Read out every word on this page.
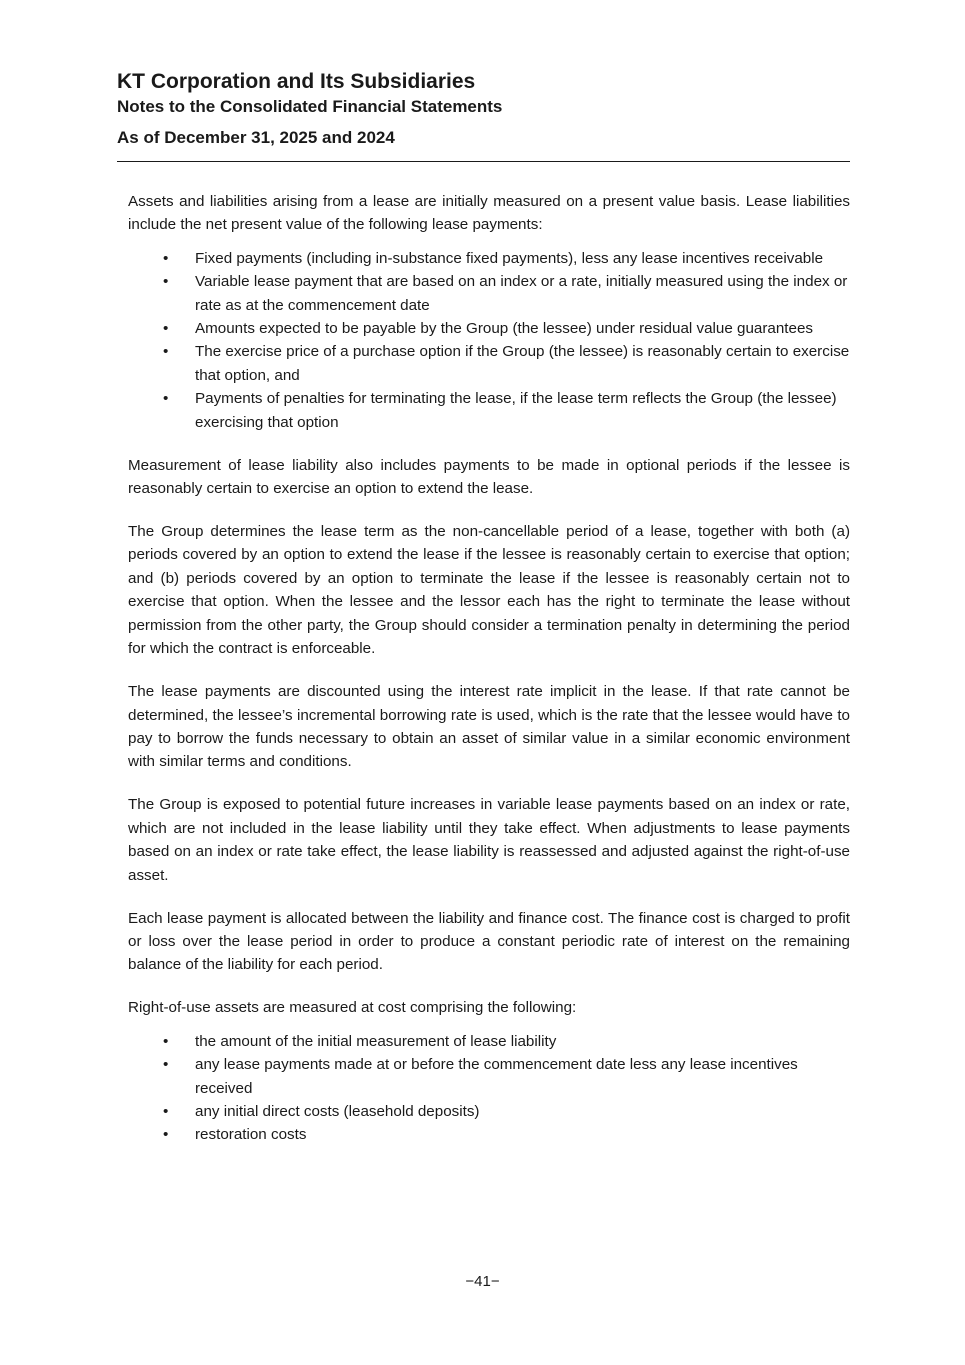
KT Corporation and Its Subsidiaries

Notes to the Consolidated Financial Statements

As of December 31, 2025 and 2024

Assets and liabilities arising from a lease are initially measured on a present value basis. Lease liabilities include the net present value of the following lease payments:

• Fixed payments (including in-substance fixed payments), less any lease incentives receivable
• Variable lease payment that are based on an index or a rate, initially measured using the index or rate as at the commencement date
• Amounts expected to be payable by the Group (the lessee) under residual value guarantees
• The exercise price of a purchase option if the Group (the lessee) is reasonably certain to exercise that option, and
• Payments of penalties for terminating the lease, if the lease term reflects the Group (the lessee) exercising that option

Measurement of lease liability also includes payments to be made in optional periods if the lessee is reasonably certain to exercise an option to extend the lease.

The Group determines the lease term as the non-cancellable period of a lease, together with both (a) periods covered by an option to extend the lease if the lessee is reasonably certain to exercise that option; and (b) periods covered by an option to terminate the lease if the lessee is reasonably certain not to exercise that option. When the lessee and the lessor each has the right to terminate the lease without permission from the other party, the Group should consider a termination penalty in determining the period for which the contract is enforceable.

The lease payments are discounted using the interest rate implicit in the lease. If that rate cannot be determined, the lessee’s incremental borrowing rate is used, which is the rate that the lessee would have to pay to borrow the funds necessary to obtain an asset of similar value in a similar economic environment with similar terms and conditions.

The Group is exposed to potential future increases in variable lease payments based on an index or rate, which are not included in the lease liability until they take effect. When adjustments to lease payments based on an index or rate take effect, the lease liability is reassessed and adjusted against the right-of-use asset.

Each lease payment is allocated between the liability and finance cost. The finance cost is charged to profit or loss over the lease period in order to produce a constant periodic rate of interest on the remaining balance of the liability for each period.

Right-of-use assets are measured at cost comprising the following:

• the amount of the initial measurement of lease liability
• any lease payments made at or before the commencement date less any lease incentives received
• any initial direct costs (leasehold deposits)
• restoration costs
−41−
